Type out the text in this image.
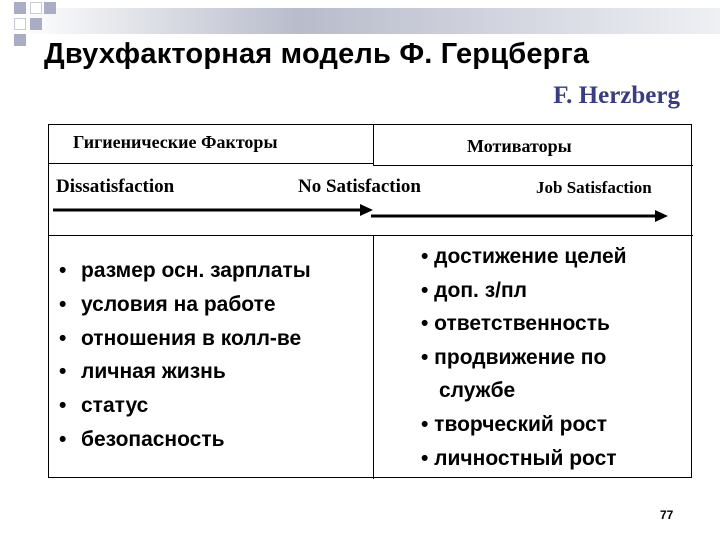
Двухфакторная модель Ф. Герцберга
F. Herzberg
Гигиенические Факторы	Мотиваторы
Dissatisfaction	No Satisfaction	Job Satisfaction
• размер осн. зарплаты
• условия на работе
• отношения в колл-ве
• личная жизнь
• статус
• безопасность
• достижение целей
• доп. з/пл
• ответственность
• продвижение по
службе
• творческий рост
• личностный рост
77
